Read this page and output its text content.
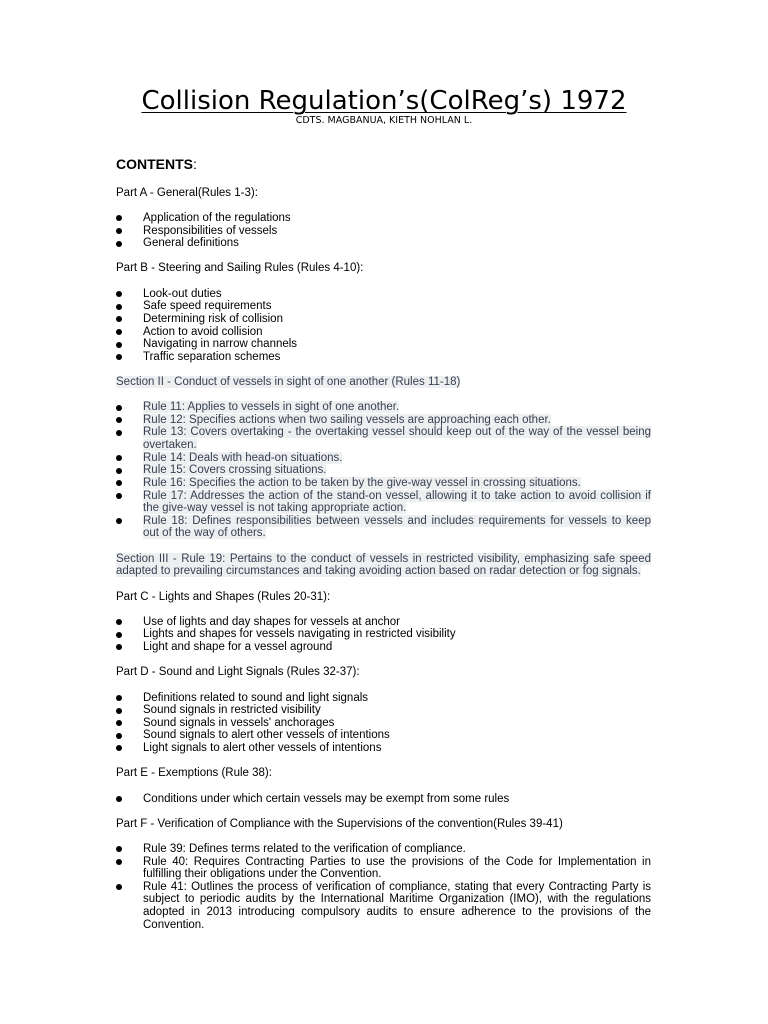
Collision Regulation’s(ColReg’s) 1972
CDTS. MAGBANUA, KIETH NOHLAN L.
CONTENTS:

Part A - General(Rules 1-3):

Application of the regulations
Responsibilities of vessels
General definitions

Part B - Steering and Sailing Rules (Rules 4-10):

Look-out duties
Safe speed requirements
Determining risk of collision
Action to avoid collision
Navigating in narrow channels
Traffic separation schemes

Section II - Conduct of vessels in sight of one another (Rules 11-18)

Rule 11: Applies to vessels in sight of one another.
Rule 12: Specifies actions when two sailing vessels are approaching each other.
Rule 13: Covers overtaking - the overtaking vessel should keep out of the way of the vessel being overtaken.
Rule 14: Deals with head-on situations.
Rule 15: Covers crossing situations.
Rule 16: Specifies the action to be taken by the give-way vessel in crossing situations.
Rule 17: Addresses the action of the stand-on vessel, allowing it to take action to avoid collision if the give-way vessel is not taking appropriate action.
Rule 18: Defines responsibilities between vessels and includes requirements for vessels to keep out of the way of others.

Section III - Rule 19: Pertains to the conduct of vessels in restricted visibility, emphasizing safe speed adapted to prevailing circumstances and taking avoiding action based on radar detection or fog signals.

Part C - Lights and Shapes (Rules 20-31):

Use of lights and day shapes for vessels at anchor
Lights and shapes for vessels navigating in restricted visibility
Light and shape for a vessel aground

Part D - Sound and Light Signals (Rules 32-37):

Definitions related to sound and light signals
Sound signals in restricted visibility
Sound signals in vessels' anchorages
Sound signals to alert other vessels of intentions
Light signals to alert other vessels of intentions

Part E - Exemptions (Rule 38):

Conditions under which certain vessels may be exempt from some rules

Part F - Verification of Compliance with the Supervisions of the convention(Rules 39-41)

Rule 39: Defines terms related to the verification of compliance.
Rule 40: Requires Contracting Parties to use the provisions of the Code for Implementation in fulfilling their obligations under the Convention.
Rule 41: Outlines the process of verification of compliance, stating that every Contracting Party is subject to periodic audits by the International Maritime Organization (IMO), with the regulations adopted in 2013 introducing compulsory audits to ensure adherence to the provisions of the Convention.
